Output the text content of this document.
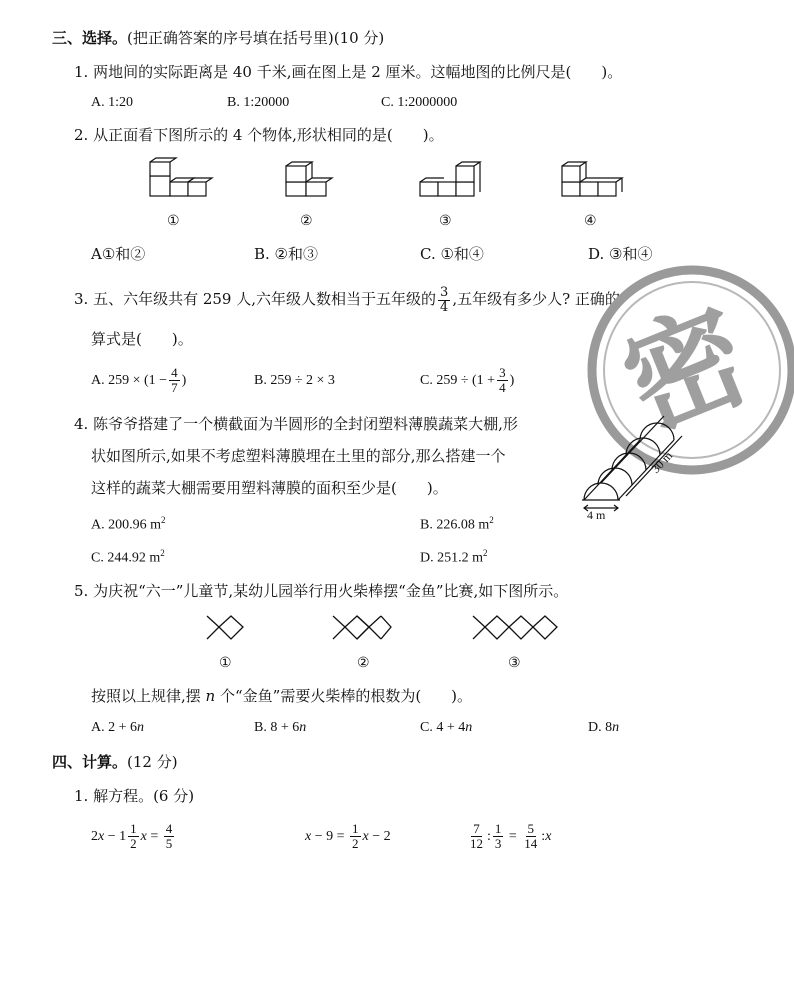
三、选择。(把正确答案的序号填在括号里)(10 分)
1. 两地间的实际距离是 40 千米,画在图上是 2 厘米。这幅地图的比例尺是(　　)。
A. 1:20	B. 1:20000	C. 1:2000000
2. 从正面看下图所示的 4 个物体,形状相同的是(　　)。
①	②	③	④
A①和②	B. ②和③	C. ①和④	D. ③和④
3. 五、六年级共有 259 人,六年级人数相当于五年级的 $\frac{3}{4}$ ,五年级有多少人? 正确的
算式是(　　)。
A. $259 \times (1 - \frac{4}{7}$ )	B. 259 ÷ 2 × 3	C. $259 \div (1 + \frac{3}{4}$ ) 密
4. 陈爷爷搭建了一个横截面为半圆形的全封闭塑料薄膜蔬菜大棚,形
状如图所示,如果不考虑塑料薄膜埋在土里的部分,那么搭建一个
这样的蔬菜大棚需要用塑料薄膜的面积至少是(　　)。
4 m
30 m
A. 200.96 $m^2$	B. 226.08 $m^2$
C. 244.92 $m^2$	D. 251.2 $m^2$
5. 为庆祝“六一”儿童节,某幼儿园举行用火柴棒摆“金鱼”比赛,如下图所示。
①	②	③
按照以上规律,摆 n 个“金鱼”需要火柴棒的根数为(　　)。
A. 2 + 6n	B. 8 + 6n	C. 4 + 4n	D. 8n
四、计算。(12 分)
1. 解方程。(6 分)
$2x - 1 \frac{1}{2}$ $x = \frac{4}{5}$	$x - 9 = \frac{1}{2}$ x − 2	$\frac{7}{12}$ : $\frac{1}{3} = \frac{5}{14}$ :x
